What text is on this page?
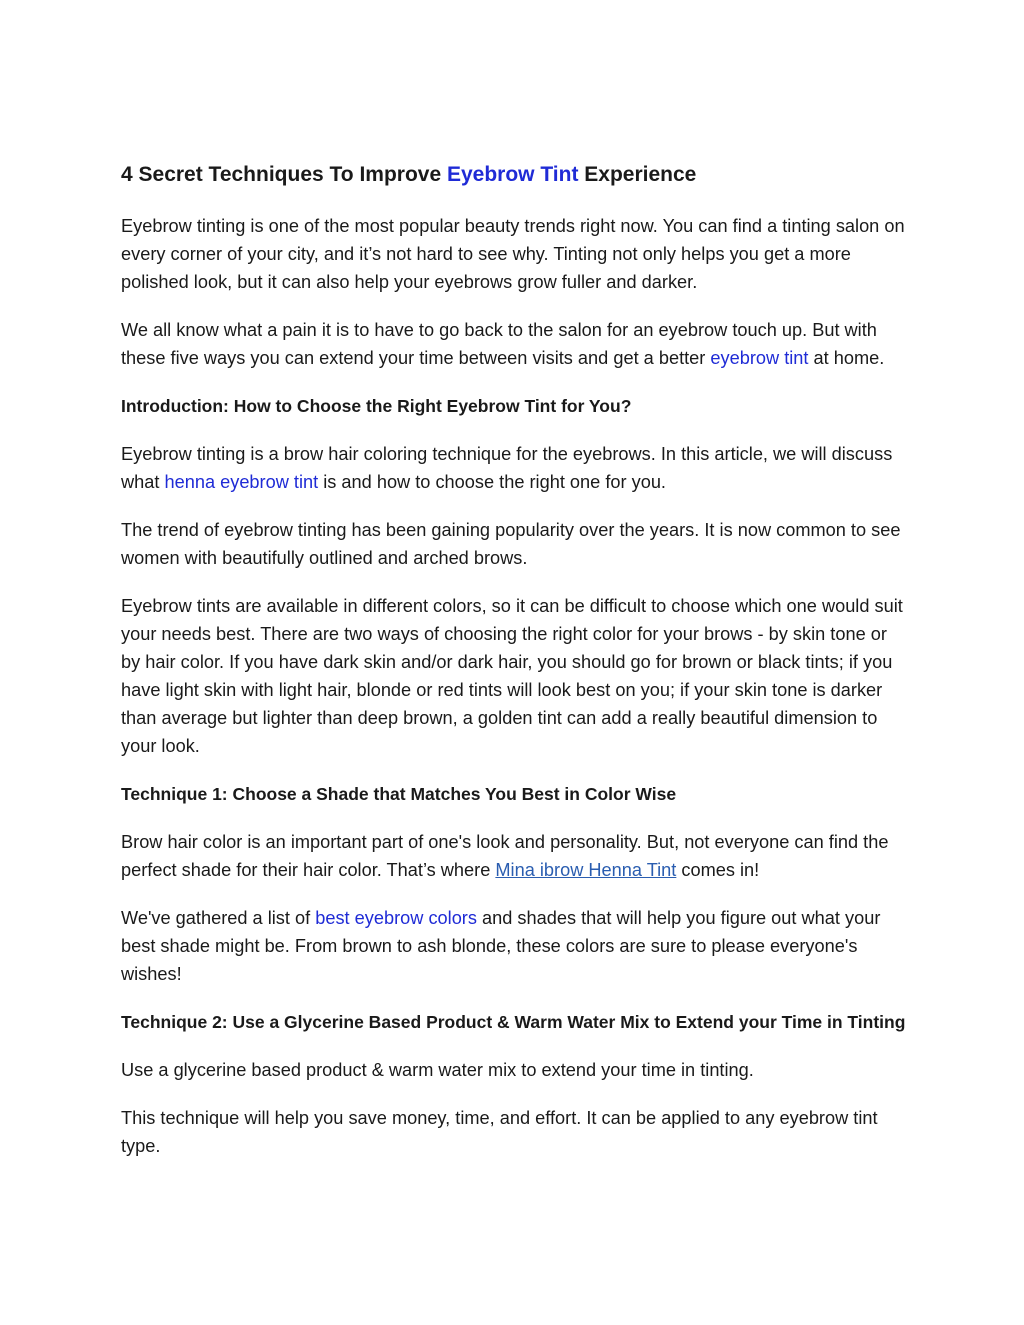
4 Secret Techniques To Improve Eyebrow Tint Experience

Eyebrow tinting is one of the most popular beauty trends right now. You can find a tinting salon on every corner of your city, and it’s not hard to see why. Tinting not only helps you get a more polished look, but it can also help your eyebrows grow fuller and darker.

We all know what a pain it is to have to go back to the salon for an eyebrow touch up. But with these five ways you can extend your time between visits and get a better eyebrow tint at home.

Introduction: How to Choose the Right Eyebrow Tint for You?

Eyebrow tinting is a brow hair coloring technique for the eyebrows. In this article, we will discuss what henna eyebrow tint is and how to choose the right one for you.

The trend of eyebrow tinting has been gaining popularity over the years. It is now common to see women with beautifully outlined and arched brows.

Eyebrow tints are available in different colors, so it can be difficult to choose which one would suit your needs best. There are two ways of choosing the right color for your brows - by skin tone or by hair color. If you have dark skin and/or dark hair, you should go for brown or black tints; if you have light skin with light hair, blonde or red tints will look best on you; if your skin tone is darker than average but lighter than deep brown, a golden tint can add a really beautiful dimension to your look.

Technique 1: Choose a Shade that Matches You Best in Color Wise

Brow hair color is an important part of one's look and personality. But, not everyone can find the perfect shade for their hair color. That’s where Mina ibrow Henna Tint comes in!

We've gathered a list of best eyebrow colors and shades that will help you figure out what your best shade might be. From brown to ash blonde, these colors are sure to please everyone's wishes!

Technique 2: Use a Glycerine Based Product & Warm Water Mix to Extend your Time in Tinting

Use a glycerine based product & warm water mix to extend your time in tinting.

This technique will help you save money, time, and effort. It can be applied to any eyebrow tint type.
